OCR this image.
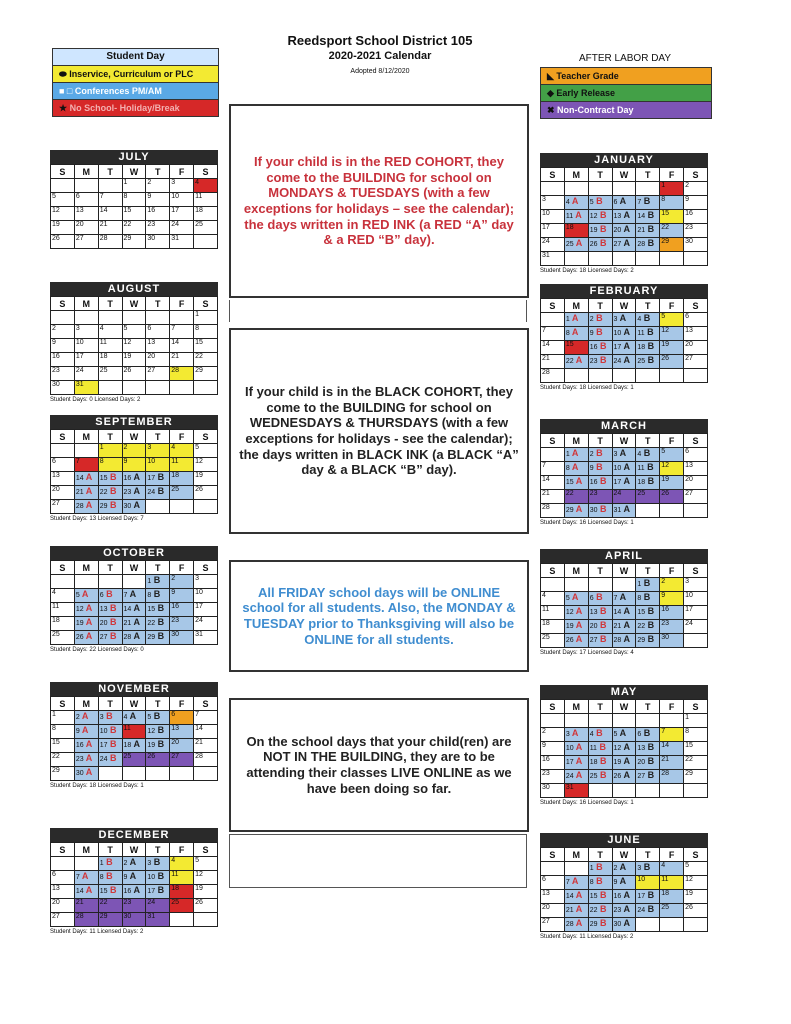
Reedsport School District 105
2020-2021 Calendar
Adopted 8/12/2020
Student Day
⬬ Inservice, Curriculum or PLC
■ □ Conferences PM/AM
★ No School- Holiday/Break
AFTER LABOR DAY
◣ Teacher Grade
◆ Early Release
✖ Non-Contract Day
If your child is in the RED COHORT, they come to the BUILDING for school on MONDAYS & TUESDAYS (with a few exceptions for holidays – see the calendar); the days written in RED INK (a RED “A” day & a RED “B” day).
If your child is in the BLACK COHORT, they come to the BUILDING for school on WEDNESDAYS & THURSDAYS (with a few exceptions for holidays - see the calendar); the days written in BLACK INK (a BLACK “A” day & a BLACK “B” day).
All FRIDAY school days will be ONLINE school for all students. Also, the MONDAY & TUESDAY prior to Thanksgiving will also be ONLINE for all students.
On the school days that your child(ren) are NOT IN THE BUILDING, they are to be attending their classes LIVE ONLINE as we have been doing so far.
JULY
S	M	T	W	T	F	S
			1	2	3	4
5	6	7	8	9	10	11
12	13	14	15	16	17	18
19	20	21	22	23	24	25
26	27	28	29	30	31	
AUGUST
S	M	T	W	T	F	S
						1
2	3	4	5	6	7	8
9	10	11	12	13	14	15
16	17	18	19	20	21	22
23	24	25	26	27	28	29
30	31					
Student Days: 0 Licensed Days: 2
SEPTEMBER
S	M	T	W	T	F	S
		1	2	3	4	5
6	7	8	9	10	11	12
13	14 A	15 B	16 A	17 B	18	19
20	21 A	22 B	23 A	24 B	25	26
27	28 A	29 B	30 A			
Student Days: 13 Licensed Days: 7
OCTOBER
S	M	T	W	T	F	S
				1 B	2	3
4	5 A	6 B	7 A	8 B	9	10
11	12 A	13 B	14 A	15 B	16	17
18	19 A	20 B	21 A	22 B	23	24
25	26 A	27 B	28 A	29 B	30	31
Student Days: 22 Licensed Days: 0
NOVEMBER
S	M	T	W	T	F	S
1	2 A	3 B	4 A	5 B	6	7
8	9 A	10 B	11	12 B	13	14
15	16 A	17 B	18 A	19 B	20	21
22	23 A	24 B	25	26	27	28
29	30 A					
Student Days: 18 Licensed Days: 1
DECEMBER
S	M	T	W	T	F	S
		1 B	2 A	3 B	4	5
6	7 A	8 B	9 A	10 B	11	12
13	14 A	15 B	16 A	17 B	18	19
20	21	22	23	24	25	26
27	28	29	30	31		
Student Days: 11 Licensed Days: 2
JANUARY
S	M	T	W	T	F	S
					1	2
3	4 A	5 B	6 A	7 B	8	9
10	11 A	12 B	13 A	14 B	15	16
17	18	19 B	20 A	21 B	22	23
24	25 A	26 B	27 A	28 B	29	30
31						
Student Days: 18 Licensed Days: 2
FEBRUARY
S	M	T	W	T	F	S
	1 A	2 B	3 A	4 B	5	6
7	8 A	9 B	10 A	11 B	12	13
14	15	16 B	17 A	18 B	19	20
21	22 A	23 B	24 A	25 B	26	27
28						
Student Days: 18 Licensed Days: 1
MARCH
S	M	T	W	T	F	S
	1 A	2 B	3 A	4 B	5	6
7	8 A	9 B	10 A	11 B	12	13
14	15 A	16 B	17 A	18 B	19	20
21	22	23	24	25	26	27
28	29 A	30 B	31 A			
Student Days: 16 Licensed Days: 1
APRIL
S	M	T	W	T	F	S
				1 B	2	3
4	5 A	6 B	7 A	8 B	9	10
11	12 A	13 B	14 A	15 B	16	17
18	19 A	20 B	21 A	22 B	23	24
25	26 A	27 B	28 A	29 B	30	
Student Days: 17 Licensed Days: 4
MAY
S	M	T	W	T	F	S
						1
2	3 A	4 B	5 A	6 B	7	8
9	10 A	11 B	12 A	13 B	14	15
16	17 A	18 B	19 A	20 B	21	22
23	24 A	25 B	26 A	27 B	28	29
30	31					
Student Days: 16 Licensed Days: 1
JUNE
S	M	T	W	T	F	S
		1 B	2 A	3 B	4	5
6	7 A	8 B	9 A	10	11	12
13	14 A	15 B	16 A	17 B	18	19
20	21 A	22 B	23 A	24 B	25	26
27	28 A	29 B	30 A			
Student Days: 11 Licensed Days: 2
